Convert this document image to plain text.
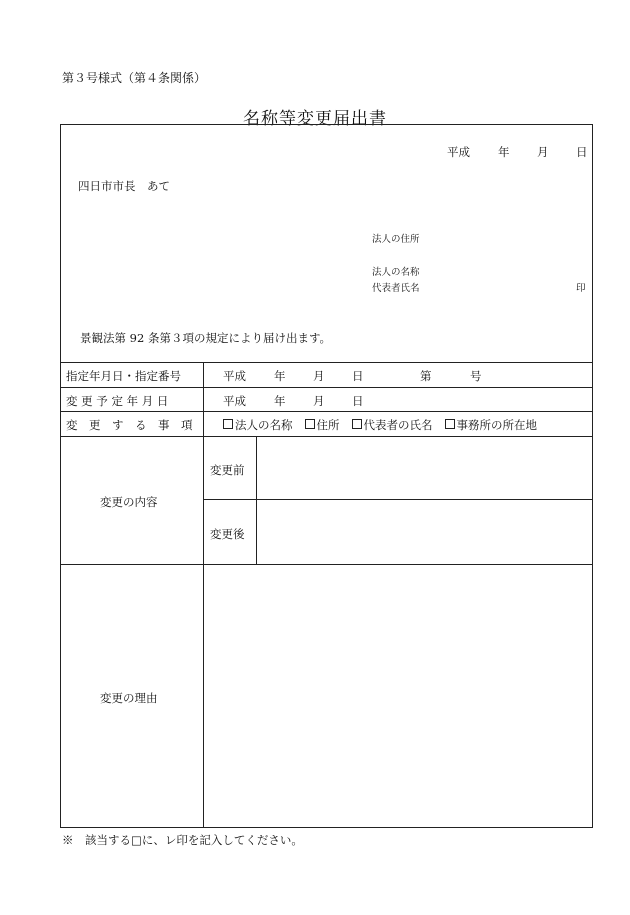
第３号様式（第４条関係）
名称等変更届出書
平成 年 月 日
四日市市長　あて
法人の住所
法人の名称
代表者氏名	印
景観法第 92 条第３項の規定により届け出ます。
指定年月日・指定番号	平成 年 月 日	第	号
変 更 予 定 年 月 日	平成 年 月 日
変　更　す　る　事　項	法人の名称 住所 代表者の氏名 事務所の所在地
変更の内容
変更前
変更後
変更の理由
※　該当する□に、レ印を記入してください。
